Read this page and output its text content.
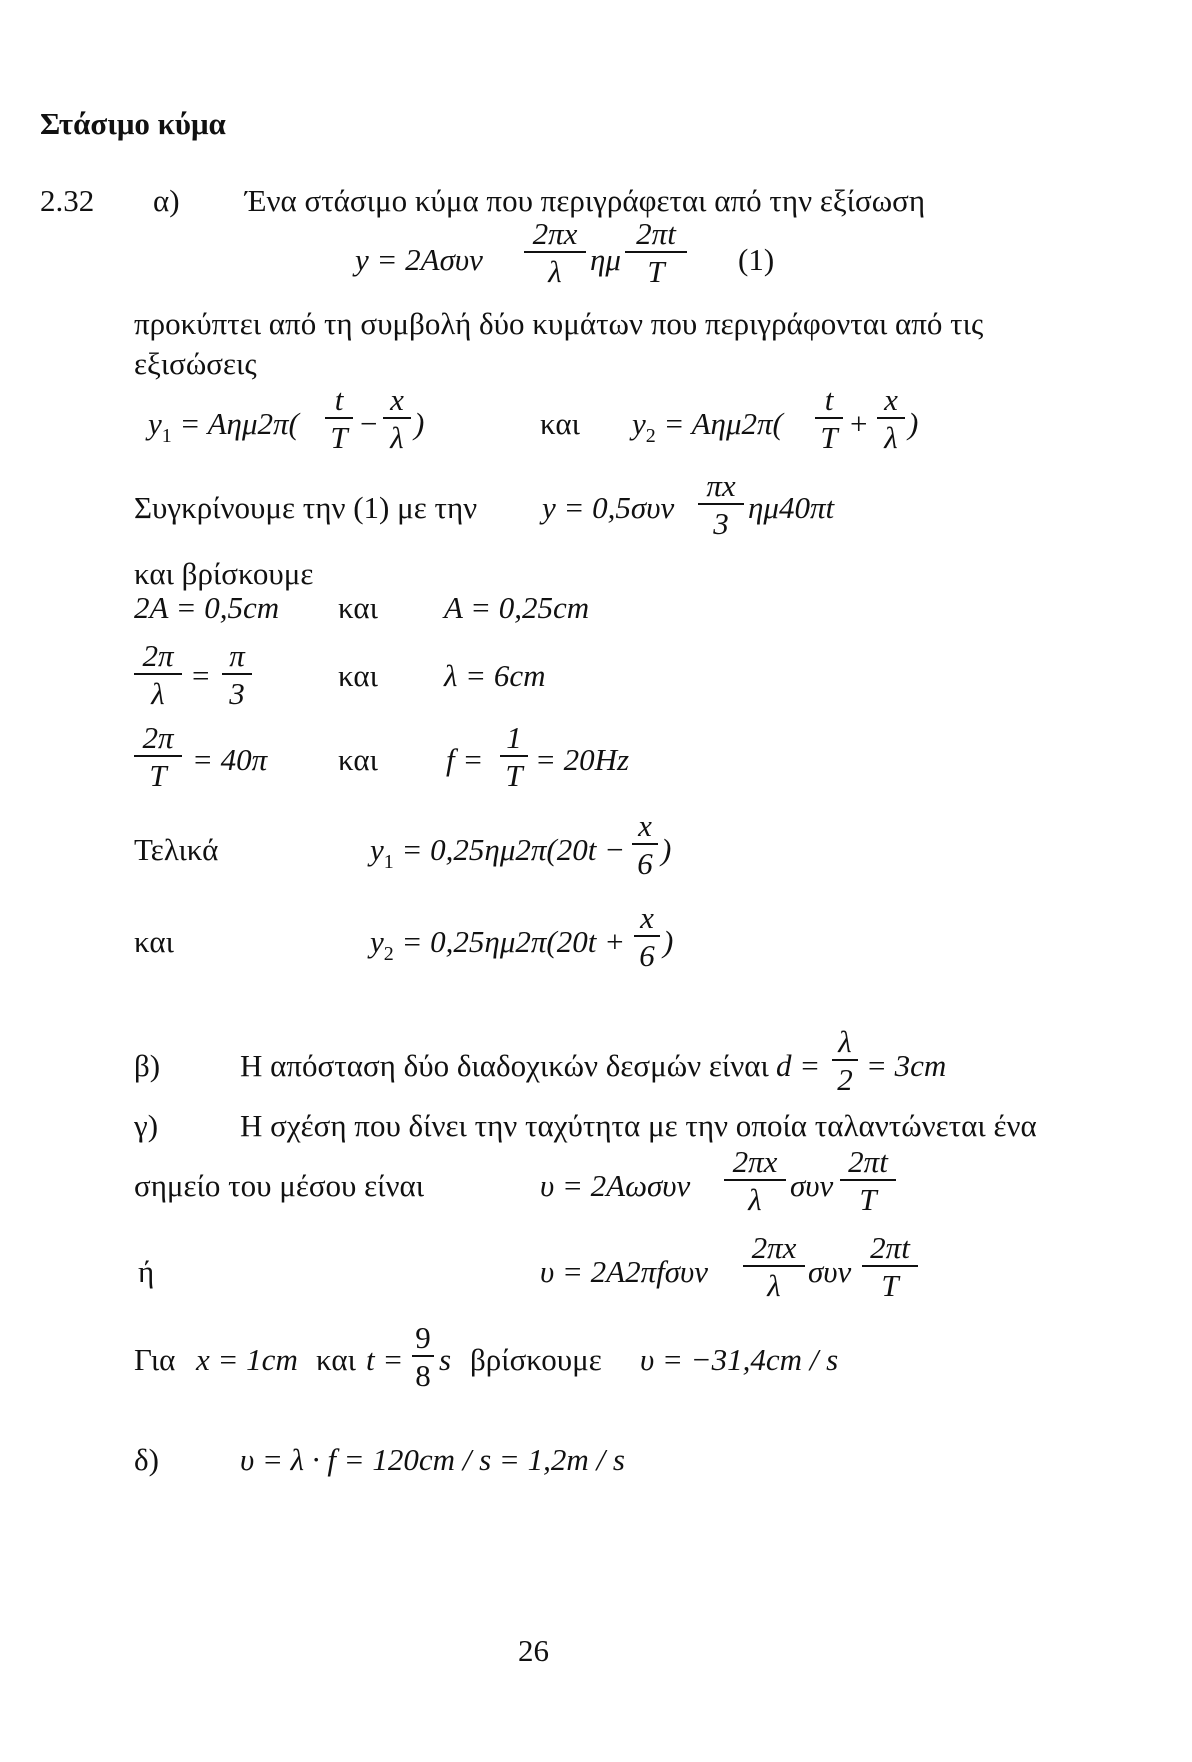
Στάσιμο κύμα
2.32 α) Ένα στάσιμο κύμα που περιγράφεται από την εξίσωση
y = 2Aσυν
2πx
λ ημ
2πt
T	(1)
προκύπτει από τη συμβολή δύο κυμάτων που περιγράφονται από τις
εξισώσεις
$y_1 = A\eta\mu 2\pi$(
t
T −
x
λ )	και $y_2 = A\eta\mu 2\pi$(
t
T +
x
λ )
Συγκρίνουμε την (1) με την y = 0,5συν
πx
3 ημ40πt
και βρίσκουμε
2A = 0,5cm και A = 0,25cm
2π
λ
=
π
3
και λ = 6cm
2π
T = 40π και f =
1
T = 20Hz
Τελικά	$y_1 = 0,25\eta\mu 2\pi(20t$ −
x
6 )
και	$y_2 = 0,25\eta\mu 2\pi(20t$ +
x
6 )
β)	Η απόσταση δύο διαδοχικών δεσμών είναι d =
λ
2 = 3cm
γ)	Η σχέση που δίνει την ταχύτητα με την οποία ταλαντώνεται ένα
σημείο του μέσου είναι	υ = 2Aωσυν
2πx
λ συν
2πt
T
ή	υ = 2A2πfσυν
2πx
λ συν
2πt
T
Για x = 1cm και t =
9
8 s βρίσκουμε υ = −31,4cm / s
δ)	υ = λ · f = 120cm / s = 1,2m / s
26
